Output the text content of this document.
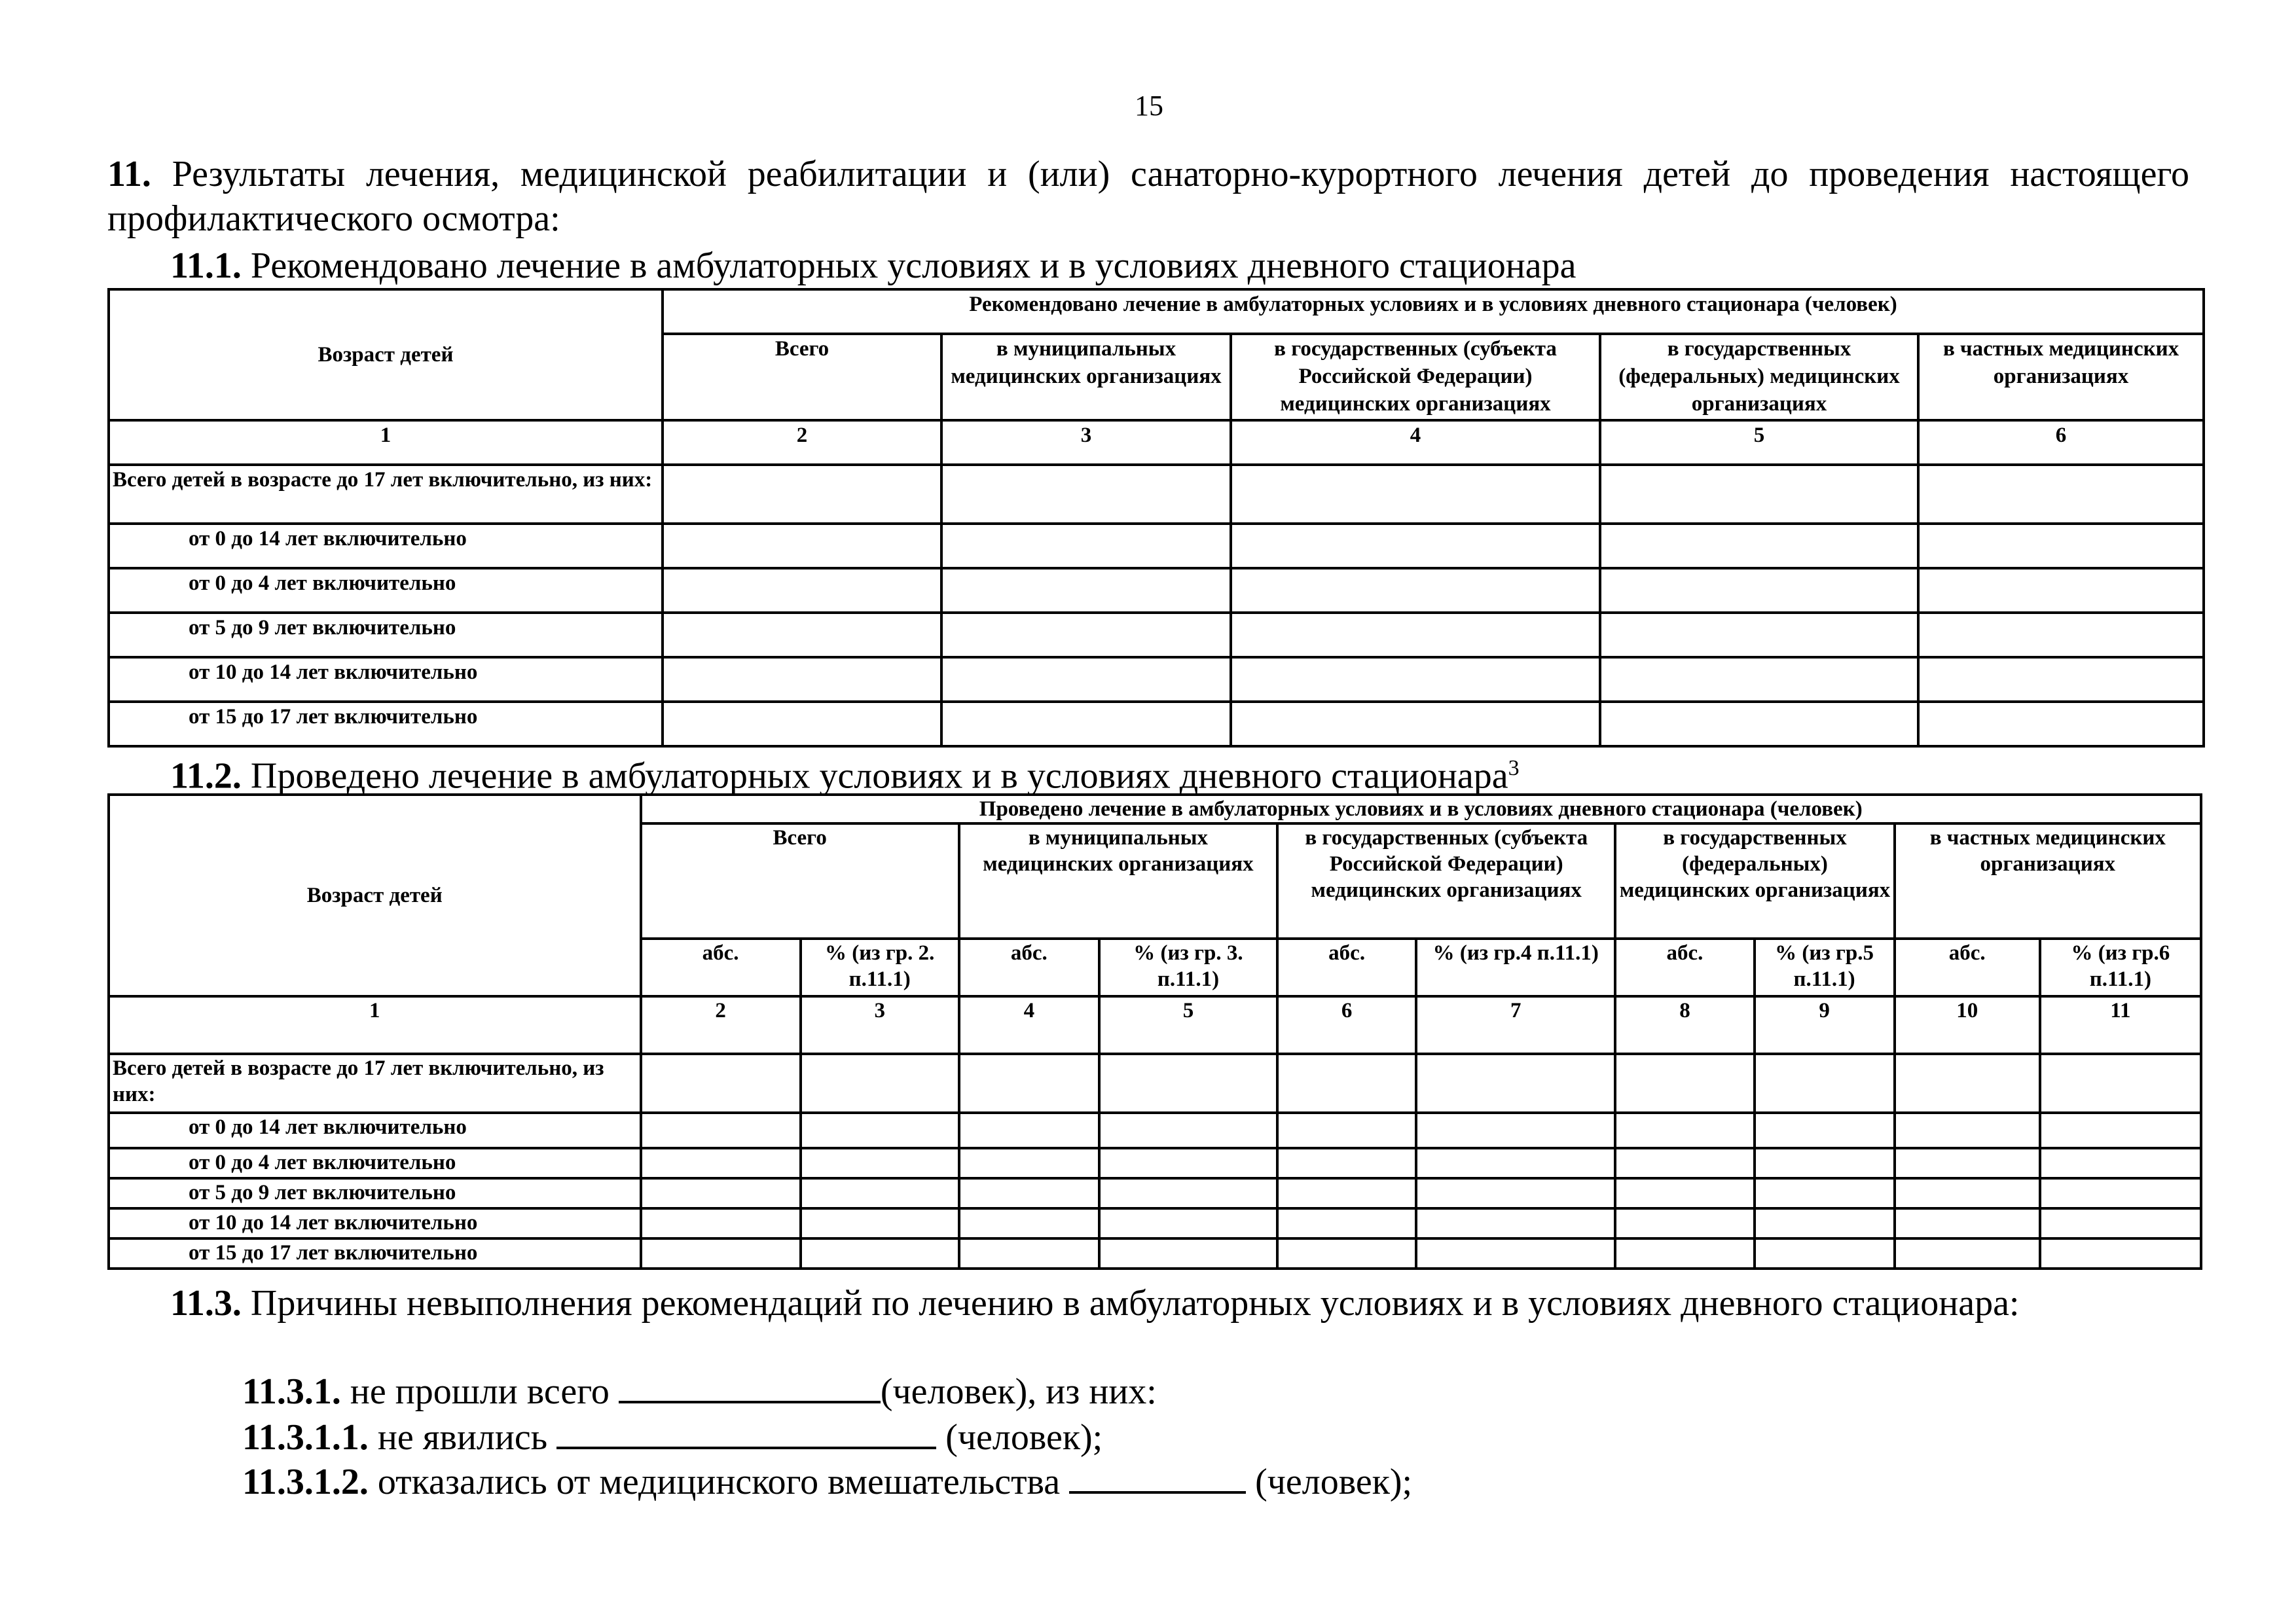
15
11. Результаты лечения, медицинской реабилитации и (или) санаторно-курортного лечения детей до проведения настоящего профилактического осмотра:
11.1. Рекомендовано лечение в амбулаторных условиях и в условиях дневного стационара
Возраст детей	Рекомендовано лечение в амбулаторных условиях и в условиях дневного стационара (человек)				
	Всего	в муниципальных медицинских организациях	в государственных (субъекта Российской Федерации) медицинских организациях	в государственных (федеральных) медицинских организациях	в частных медицинских организациях
1	2	3	4	5	6
Всего детей в возрасте до 17 лет включительно, из них:					
от 0 до 14 лет включительно					
от 0 до 4 лет включительно					
от 5 до 9 лет включительно					
от 10 до 14 лет включительно					
от 15 до 17 лет включительно					
11.2. Проведено лечение в амбулаторных условиях и в условиях дневного стационара$^3$
Возраст детей	Проведено лечение в амбулаторных условиях и в условиях дневного стационара (человек)									
	Всего		в муниципальных медицинских организациях		в государственных (субъекта Российской Федерации) медицинских организациях		в государственных (федеральных) медицинских организациях		в частных медицинских организациях	
	абс.	% (из гр. 2. п.11.1)	абс.	% (из гр. 3. п.11.1)	абс.	% (из гр.4 п.11.1)	абс.	% (из гр.5 п.11.1)	абс.	% (из гр.6 п.11.1)
1	2	3	4	5	6	7	8	9	10	11
Всего детей в возрасте до 17 лет включительно, из них:										
от 0 до 14 лет включительно										
от 0 до 4 лет включительно										
от 5 до 9 лет включительно										
от 10 до 14 лет включительно										
от 15 до 17 лет включительно										
11.3. Причины невыполнения рекомендаций по лечению в амбулаторных условиях и в условиях дневного стационара:
11.3.1. не прошли всего	(человек), из них:
11.3.1.1. не явились	(человек);
11.3.1.2. отказались от медицинского вмешательства	(человек);
